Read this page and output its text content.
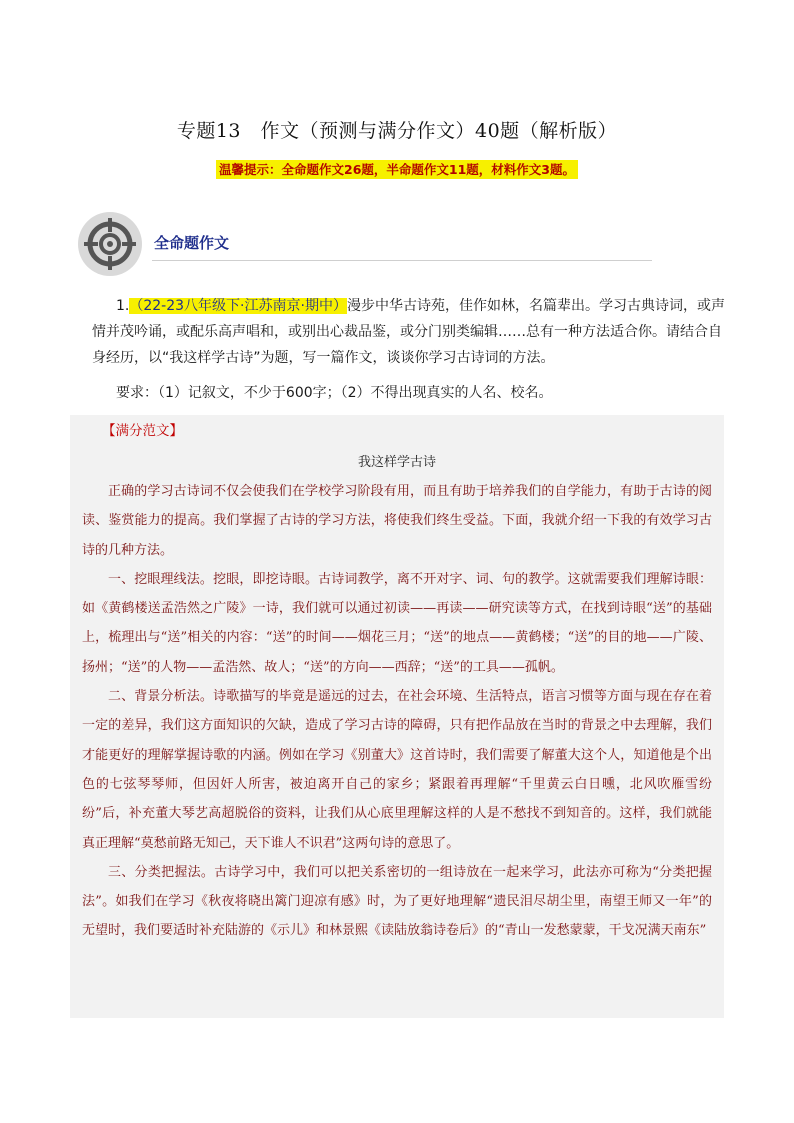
专题13　作文（预测与满分作文）40题（解析版）
温馨提示：全命题作文26题，半命题作文11题，材料作文3题。
全命题作文
1.（22-23八年级下·江苏南京·期中）漫步中华古诗苑，佳作如林，名篇辈出。学习古典诗词，或声情并茂吟诵，或配乐高声唱和，或别出心裁品鉴，或分门别类编辑……总有一种方法适合你。请结合自身经历，以“我这样学古诗”为题，写一篇作文，谈谈你学习古诗词的方法。
要求：（1）记叙文，不少于600字；（2）不得出现真实的人名、校名。
【满分范文】
我这样学古诗

正确的学习古诗词不仅会使我们在学校学习阶段有用，而且有助于培养我们的自学能力，有助于古诗的阅读、鉴赏能力的提高。我们掌握了古诗的学习方法，将使我们终生受益。下面，我就介绍一下我的有效学习古诗的几种方法。

一、挖眼理线法。挖眼，即挖诗眼。古诗词教学，离不开对字、词、句的教学。这就需要我们理解诗眼：如《黄鹤楼送孟浩然之广陵》一诗，我们就可以通过初读——再读——研究读等方式，在找到诗眼“送”的基础上，梳理出与“送”相关的内容：“送”的时间——烟花三月；“送”的地点——黄鹤楼；“送”的目的地——广陵、扬州；“送”的人物——孟浩然、故人；“送”的方向——西辞；“送”的工具——孤帆。

二、背景分析法。诗歌描写的毕竟是遥远的过去，在社会环境、生活特点，语言习惯等方面与现在存在着一定的差异，我们这方面知识的欠缺，造成了学习古诗的障碍，只有把作品放在当时的背景之中去理解，我们才能更好的理解掌握诗歌的内涵。例如在学习《别董大》这首诗时，我们需要了解董大这个人，知道他是个出色的七弦琴琴师，但因奸人所害，被迫离开自己的家乡；紧跟着再理解“千里黄云白日曛，北风吹雁雪纷纷”后，补充董大琴艺高超脱俗的资料，让我们从心底里理解这样的人是不愁找不到知音的。这样，我们就能真正理解“莫愁前路无知己，天下谁人不识君”这两句诗的意思了。

三、分类把握法。古诗学习中，我们可以把关系密切的一组诗放在一起来学习，此法亦可称为“分类把握法”。如我们在学习《秋夜将晓出篱门迎凉有感》时，为了更好地理解“遗民泪尽胡尘里，南望王师又一年”的无望时，我们要适时补充陆游的《示儿》和林景熙《读陆放翁诗卷后》的“青山一发愁蒙蒙，干戈况满天南东”
